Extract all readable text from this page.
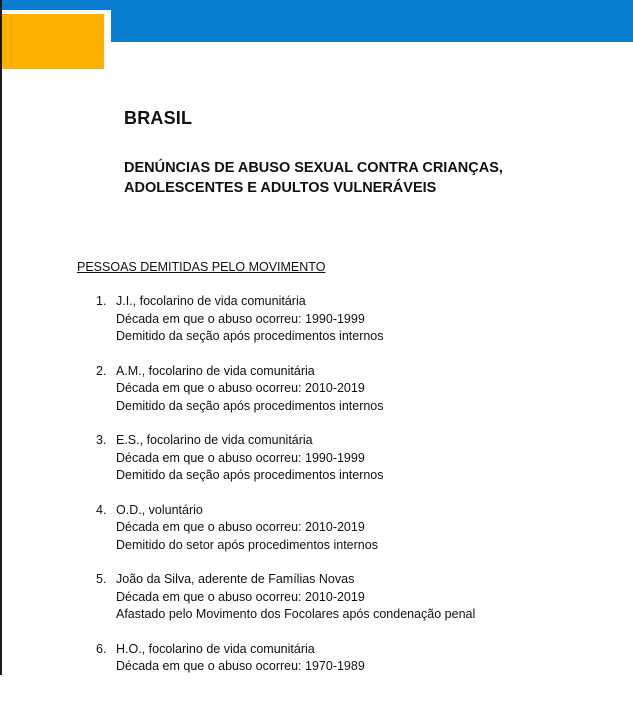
BRASIL
DENÚNCIAS DE ABUSO SEXUAL CONTRA CRIANÇAS,
ADOLESCENTES E ADULTOS VULNERÁVEIS

PESSOAS DEMITIDAS PELO MOVIMENTO

1. J.I., focolarino de vida comunitária
Década em que o abuso ocorreu: 1990-1999
Demitido da seção após procedimentos internos
2. A.M., focolarino de vida comunitária
Década em que o abuso ocorreu: 2010-2019
Demitido da seção após procedimentos internos
3. E.S., focolarino de vida comunitária
Década em que o abuso ocorreu: 1990-1999
Demitido da seção após procedimentos internos
4. O.D., voluntário
Década em que o abuso ocorreu: 2010-2019
Demitido do setor após procedimentos internos
5. João da Silva, aderente de Famílias Novas
Década em que o abuso ocorreu: 2010-2019
Afastado pelo Movimento dos Focolares após condenação penal
6. H.O., focolarino de vida comunitária
Década em que o abuso ocorreu: 1970-1989
